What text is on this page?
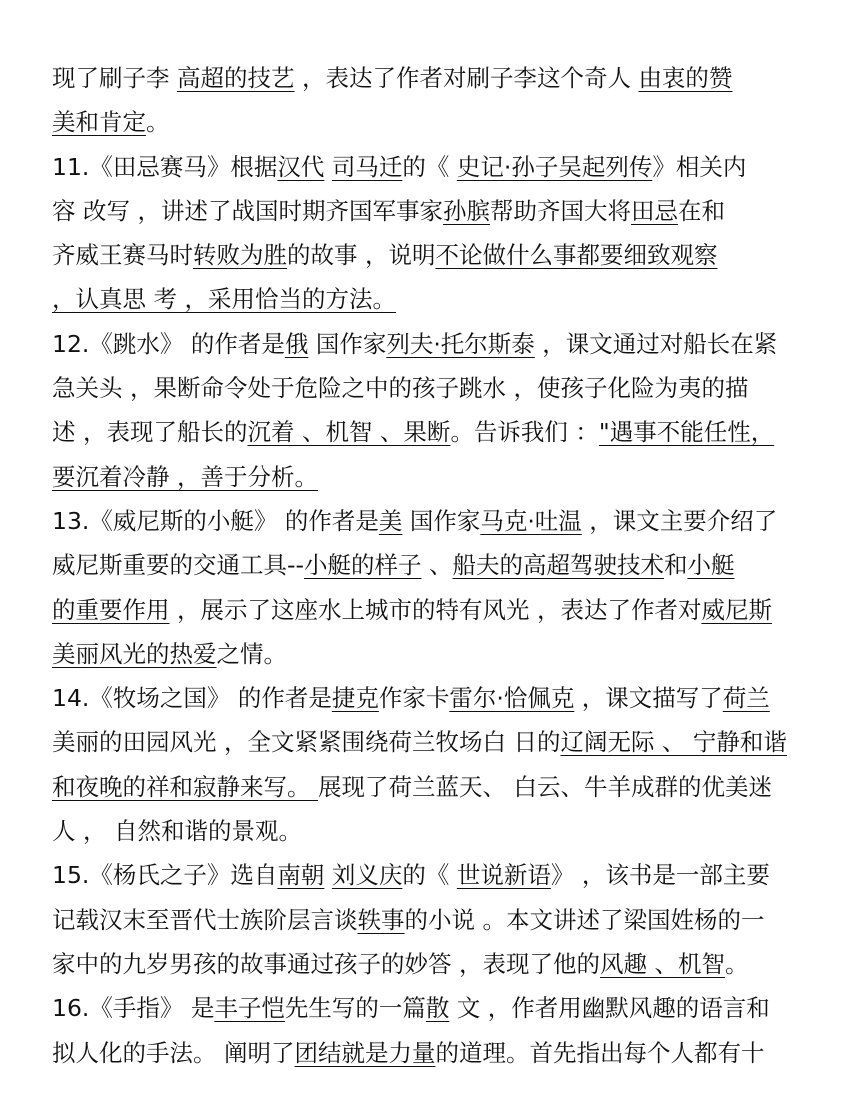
现了刷子李 高超的技艺 ，表达了作者对刷子李这个奇人 由衷的赞
美和肯定。
11.《田忌赛马》根据汉代 司马迁的《 史记·孙子吴起列传》相关内
容 改写 ，讲述了战国时期齐国军事家孙膑帮助齐国大将田忌在和
齐威王赛马时转败为胜的故事 ，说明不论做什么事都要细致观察
，认真思 考 ，采用恰当的方法。
12.《跳水》 的作者是俄 国作家列夫·托尔斯泰 ，课文通过对船长在紧
急关头 ，果断命令处于危险之中的孩子跳水 ，使孩子化险为夷的描
述 ，表现了船长的沉着 、机智 、果断。告诉我们 ："遇事不能任性，
要沉着冷静 ，善于分析。
13.《威尼斯的小艇》 的作者是美 国作家马克·吐温 ，课文主要介绍了
威尼斯重要的交通工具--小艇的样子 、船夫的高超驾驶技术和小艇
的重要作用 ，展示了这座水上城市的特有风光 ，表达了作者对威尼斯
美丽风光的热爱之情。
14.《牧场之国》 的作者是捷克作家卡雷尔·恰佩克 ，课文描写了荷兰
美丽的田园风光 ，全文紧紧围绕荷兰牧场白 日的辽阔无际 、 宁静和谐
和夜晚的祥和寂静来写。 展现了荷兰蓝天、 白云、牛羊成群的优美迷
人 ， 自然和谐的景观。
15.《杨氏之子》选自南朝 刘义庆的《 世说新语》 ，该书是一部主要
记载汉末至晋代士族阶层言谈轶事的小说 。本文讲述了梁国姓杨的一
家中的九岁男孩的故事通过孩子的妙答 ，表现了他的风趣 、机智。
16.《手指》 是丰子恺先生写的一篇散 文 ，作者用幽默风趣的语言和
拟人化的手法。 阐明了团结就是力量的道理。首先指出每个人都有十
